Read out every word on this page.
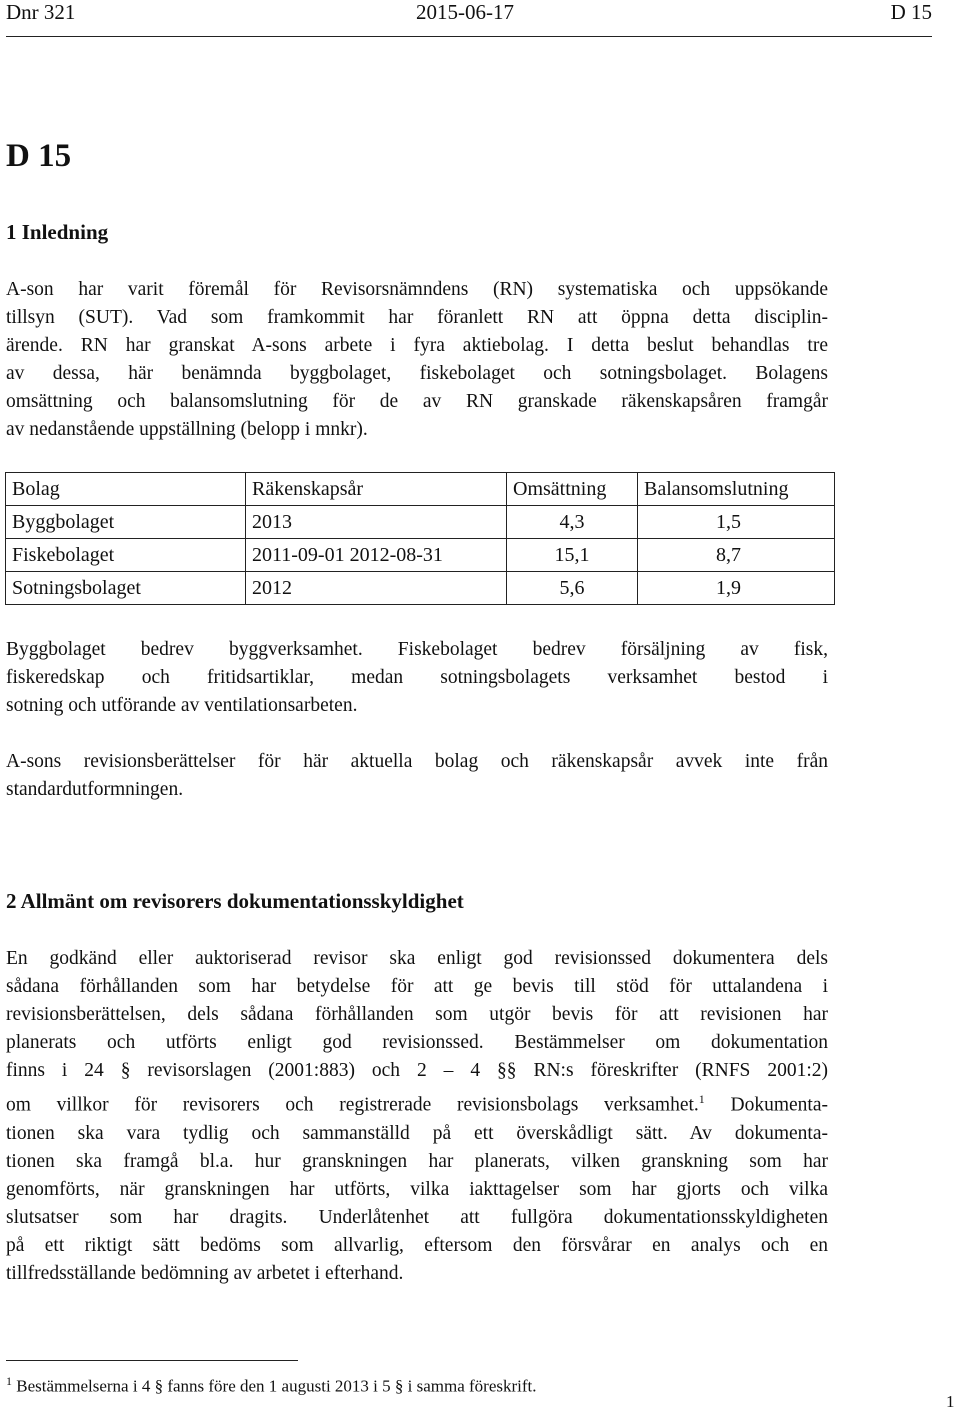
Dnr 321	2015-06-17	D 15
D 15
1 Inledning
A-son har varit föremål för Revisorsnämndens (RN) systematiska och uppsökande
tillsyn (SUT). Vad som framkommit har föranlett RN att öppna detta disciplin-
ärende. RN har granskat A-sons arbete i fyra aktiebolag. I detta beslut behandlas tre
av dessa, här benämnda byggbolaget, fiskebolaget och sotningsbolaget. Bolagens
omsättning och balansomslutning för de av RN granskade räkenskapsåren framgår
av nedanstående uppställning (belopp i mnkr).
Bolag	Räkenskapsår	Omsättning	Balansomslutning
Byggbolaget	2013	4,3	1,5
Fiskebolaget	2011-09-01 2012-08-31	15,1	8,7
Sotningsbolaget	2012	5,6	1,9
Byggbolaget bedrev byggverksamhet. Fiskebolaget bedrev försäljning av fisk,
fiskeredskap och fritidsartiklar, medan sotningsbolagets verksamhet bestod i
sotning och utförande av ventilationsarbeten.
A-sons revisionsberättelser för här aktuella bolag och räkenskapsår avvek inte från
standardutformningen.
2 Allmänt om revisorers dokumentationsskyldighet
En godkänd eller auktoriserad revisor ska enligt god revisionssed dokumentera dels
sådana förhållanden som har betydelse för att ge bevis till stöd för uttalandena i
revisionsberättelsen, dels sådana förhållanden som utgör bevis för att revisionen har
planerats och utförts enligt god revisionssed. Bestämmelser om dokumentation
finns i 24 § revisorslagen (2001:883) och 2 – 4 §§ RN:s föreskrifter (RNFS 2001:2)
om villkor för revisorers och registrerade revisionsbolags verksamhet.$^1$ Dokumenta-
tionen ska vara tydlig och sammanställd på ett överskådligt sätt. Av dokumenta-
tionen ska framgå bl.a. hur granskningen har planerats, vilken granskning som har
genomförts, när granskningen har utförts, vilka iakttagelser som har gjorts och vilka
slutsatser som har dragits. Underlåtenhet att fullgöra dokumentationsskyldigheten
på ett riktigt sätt bedöms som allvarlig, eftersom den försvårar en analys och en
tillfredsställande bedömning av arbetet i efterhand.
$^1$ Bestämmelserna i 4 § fanns före den 1 augusti 2013 i 5 § i samma föreskrift.
1
